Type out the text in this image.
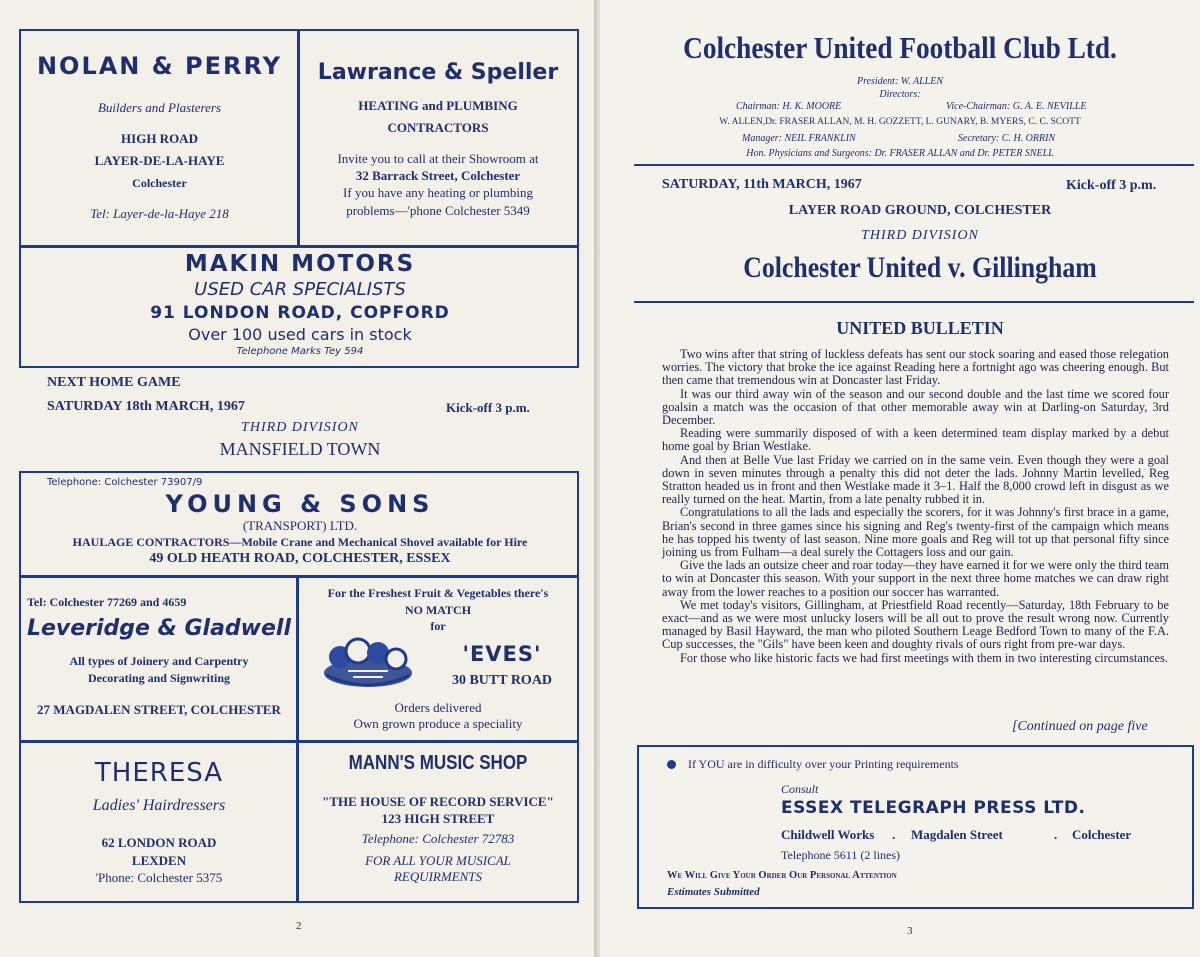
NOLAN & PERRY
Builders and Plasterers
HIGH ROAD
LAYER-DE-LA-HAYE
Colchester
Tel: Layer-de-la-Haye 218
Lawrance & Speller
HEATING and PLUMBING
CONTRACTORS
Invite you to call at their Showroom at
32 Barrack Street, Colchester
If you have any heating or plumbing
problems—'phone Colchester 5349
MAKIN MOTORS
USED CAR SPECIALISTS
91 LONDON ROAD, COPFORD
Over 100 used cars in stock
Telephone Marks Tey 594
NEXT HOME GAME
SATURDAY 18th MARCH, 1967	Kick-off 3 p.m.
THIRD DIVISION
MANSFIELD TOWN
Telephone: Colchester 73907/9
YOUNG & SONS
(TRANSPORT) LTD.
HAULAGE CONTRACTORS—Mobile Crane and Mechanical Shovel available for Hire
49 OLD HEATH ROAD, COLCHESTER, ESSEX
Tel: Colchester 77269 and 4659
Leveridge & Gladwell
All types of Joinery and Carpentry
Decorating and Signwriting
27 MAGDALEN STREET, COLCHESTER
For the Freshest Fruit & Vegetables there's
NO MATCH
for
'EVES'
30 BUTT ROAD
Orders delivered
Own grown produce a speciality
THERESA
Ladies' Hairdressers
62 LONDON ROAD
LEXDEN
'Phone: Colchester 5375
MANN'S MUSIC SHOP
"THE HOUSE OF RECORD SERVICE"
123 HIGH STREET
Telephone: Colchester 72783
FOR ALL YOUR MUSICAL
REQUIRMENTS
2
Colchester United Football Club Ltd.
President: W. ALLEN
Directors:
Chairman: H. K. MOORE	Vice-Chairman: G. A. E. NEVILLE
W. ALLEN,Dr. FRASER ALLAN, M. H. GOZZETT, L. GUNARY, B. MYERS, C. C. SCOTT
Manager: NEIL FRANKLIN	Secretary: C. H. ORRIN
Hon. Physicians and Surgeons: Dr. FRASER ALLAN and Dr. PETER SNELL
SATURDAY, 11th MARCH, 1967	Kick-off 3 p.m.
LAYER ROAD GROUND, COLCHESTER
THIRD DIVISION
Colchester United v. Gillingham
UNITED BULLETIN

Two wins after that string of luckless defeats has sent our stock soaring and eased those relegation worries. The victory that broke the ice against Reading here a fortnight ago was cheering enough. But then came that tremendous win at Doncaster last Friday.

It was our third away win of the season and our second double and the last time we scored four goalsin a match was the occasion of that other memorable away win at Darling-on Saturday, 3rd December.

Reading were summarily disposed of with a keen determined team display marked by a debut home goal by Brian Westlake.

And then at Belle Vue last Friday we carried on in the same vein. Even though they were a goal down in seven minutes through a penalty this did not deter the lads. Johnny Martin levelled, Reg Stratton headed us in front and then Westlake made it 3–1. Half the 8,000 crowd left in disgust as we really turned on the heat. Martin, from a late penalty rubbed it in.

Congratulations to all the lads and especially the scorers, for it was Johnny's first brace in a game, Brian's second in three games since his signing and Reg's twenty-first of the campaign which means he has topped his twenty of last season. Nine more goals and Reg will tot up that personal fifty since joining us from Fulham—a deal surely the Cottagers loss and our gain.

Give the lads an outsize cheer and roar today—they have earned it for we were only the third team to win at Doncaster this season. With your support in the next three home matches we can draw right away from the lower reaches to a position our soccer has warranted.

We met today's visitors, Gillingham, at Priestfield Road recently—Saturday, 18th February to be exact—and as we were most unlucky losers will be all out to prove the result wrong now. Currently managed by Basil Hayward, the man who piloted Southern Leage Bedford Town to many of the F.A. Cup successes, the "Gils" have been keen and doughty rivals of ours right from pre-war days.

For those who like historic facts we had first meetings with them in two interesting circumstances.

[Continued on page five
If YOU are in difficulty over your Printing requirements
Consult
ESSEX TELEGRAPH PRESS LTD.
Childwell Works . Magdalen Street	. Colchester
Telephone 5611 (2 lines)
We Will Give Your Order Our Personal Attention
Estimates Submitted
3
